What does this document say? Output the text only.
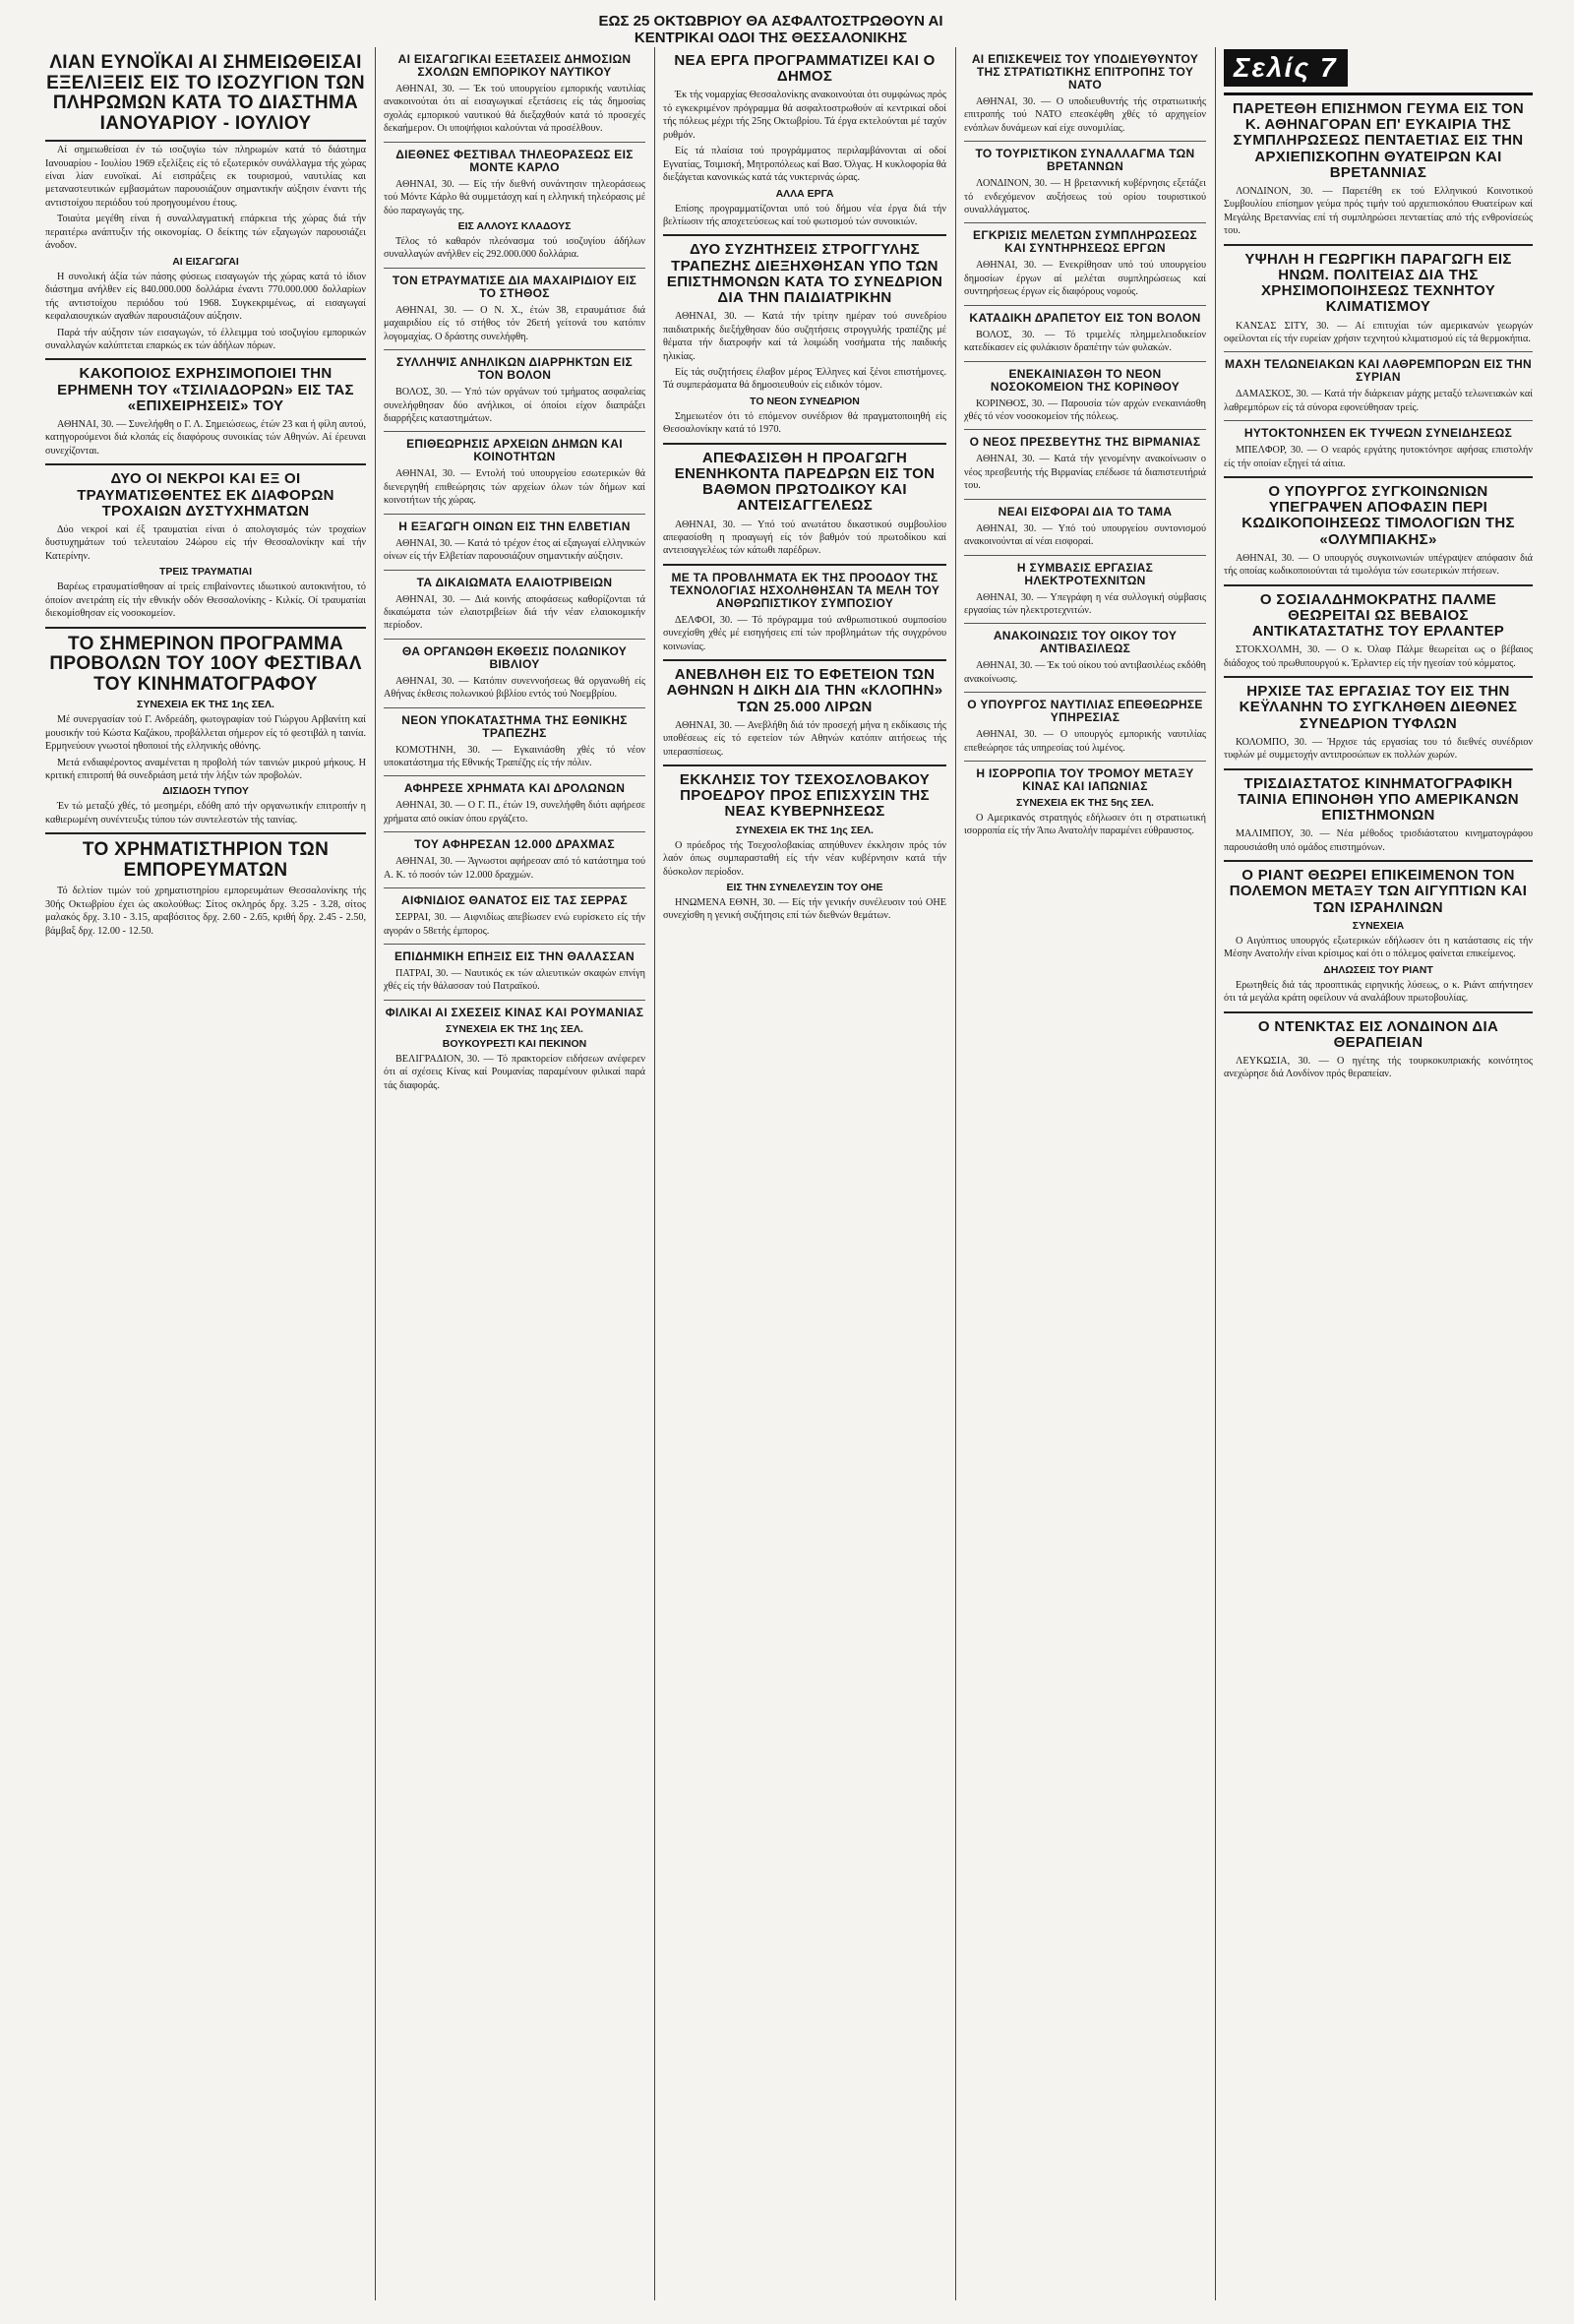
ΕΩΣ 25 ΟΚΤΩΒΡΙΟΥ ΘΑ ΑΣΦΑΛΤΟΣΤΡΩΘΟΥΝ ΑΙ ΚΕΝΤΡΙΚΑΙ ΟΔΟΙ ΤΗΣ ΘΕΣΣΑΛΟΝΙΚΗΣ
ΛΙΑΝ ΕΥΝΟΪΚΑΙ ΑΙ ΣΗΜΕΙΩΘΕΙΣΑΙ ΕΞΕΛΙΞΕΙΣ ΕΙΣ ΤΟ ΙΣΟΖΥΓΙΟΝ ΤΩΝ ΠΛΗΡΩΜΩΝ ΚΑΤΑ ΤΟ ΔΙΑΣΤΗΜΑ ΙΑΝΟΥΑΡΙΟΥ - ΙΟΥΛΙΟΥ

Αί σημειωθείσαι έν τώ ισοζυγίω τών πληρωμών κατά τό διάστημα Ιανουαρίου - Ιουλίου 1969 εξελίξεις είς τό εξωτερικόν συνάλλαγμα τής χώρας είναι λίαν ευνοϊκαί. Αί εισπράξεις εκ τουρισμού, ναυτιλίας και μεταναστευτικών εμβασμάτων παρουσιάζουν σημαντικήν αύξησιν έναντι τής αντιστοίχου περιόδου τού προηγουμένου έτους.

Τοιαύτα μεγέθη είναι ή συναλλαγματική επάρκεια τής χώρας διά τήν περαιτέρω ανάπτυξιν τής οικονομίας. Ο δείκτης τών εξαγωγών παρουσιάζει άνοδον.

ΑΙ ΕΙΣΑΓΩΓΑΙ

Η συνολική άξία τών πάσης φύσεως εισαγωγών τής χώρας κατά τό ίδιον διάστημα ανήλθεν είς 840.000.000 δολλάρια έναντι 770.000.000 δολλαρίων τής αντιστοίχου περιόδου τού 1968. Συγκεκριμένως, αί εισαγωγαί κεφαλαιουχικών αγαθών παρουσιάζουν αύξησιν.

Παρά τήν αύξησιν τών εισαγωγών, τό έλλειμμα τού ισοζυγίου εμπορικών συναλλαγών καλύπτεται επαρκώς εκ τών άδήλων πόρων.

ΚΑΚΟΠΟΙΟΣ ΕΧΡΗΣΙΜΟΠΟΙΕΙ ΤΗΝ ΕΡΗΜΕΝΗ ΤΟΥ «ΤΣΙΛΙΑΔΟΡΩΝ» ΕΙΣ ΤΑΣ «ΕΠΙΧΕΙΡΗΣΕΙΣ» ΤΟΥ

ΑΘΗΝΑΙ, 30. — Συνελήφθη ο Γ. Λ. Σημειώσεως, έτών 23 και ή φίλη αυτού, κατηγορούμενοι διά κλοπάς είς διαφόρους συνοικίας τών Αθηνών. Αί έρευναι συνεχίζονται.

ΔΥΟ ΟΙ ΝΕΚΡΟΙ ΚΑΙ ΕΞ ΟΙ ΤΡΑΥΜΑΤΙΣΘΕΝΤΕΣ ΕΚ ΔΙΑΦΟΡΩΝ ΤΡΟΧΑΙΩΝ ΔΥΣΤΥΧΗΜΑΤΩΝ

Δύο νεκροί καί έξ τραυματίαι είναι ό απολογισμός τών τροχαίων δυστυχημάτων τού τελευταίου 24ώρου είς τήν Θεσσαλονίκην καί τήν Κατερίνην.

ΤΡΕΙΣ ΤΡΑΥΜΑΤΙΑΙ

Βαρέως ετραυματίσθησαν αί τρείς επιβαίνοντες ιδιωτικού αυτοκινήτου, τό όποίον ανετράπη είς τήν εθνικήν οδόν Θεσσαλονίκης - Κιλκίς. Οί τραυματίαι διεκομίσθησαν είς νοσοκομείον.

ΤΟ ΣΗΜΕΡΙΝΟΝ ΠΡΟΓΡΑΜΜΑ ΠΡΟΒΟΛΩΝ ΤΟΥ 10ΟΥ ΦΕΣΤΙΒΑΛ ΤΟΥ ΚΙΝΗΜΑΤΟΓΡΑΦΟΥ
ΣΥΝΕΧΕΙΑ ΕΚ ΤΗΣ 1ης ΣΕΛ.

Μέ συνεργασίαν τού Γ. Ανδρεάδη, φωτογραφίαν τού Γιώργου Αρβανίτη καί μουσικήν τού Κώστα Καζάκου, προβάλλεται σήμερον είς τό φεστιβάλ η ταινία. Ερμηνεύουν γνωστοί ηθοποιοί τής ελληνικής οθόνης.

Μετά ενδιαφέροντος αναμένεται η προβολή τών ταινιών μικρού μήκους. Η κριτική επιτροπή θά συνεδριάση μετά τήν λήξιν τών προβολών.

ΔΙΣΙΔΟΣΗ ΤΥΠΟΥ

Έν τώ μεταξύ χθές, τό μεσημέρι, εδόθη από τήν οργανωτικήν επιτροπήν η καθιερωμένη συνέντευξις τύπου τών συντελεστών τής ταινίας.

ΤΟ ΧΡΗΜΑΤΙΣΤΗΡΙΟΝ ΤΩΝ ΕΜΠΟΡΕΥΜΑΤΩΝ

Τό δελτίον τιμών τού χρηματιστηρίου εμπορευμάτων Θεσσαλονίκης τής 30ής Οκτωβρίου έχει ώς ακολούθως: Σίτος σκληρός δρχ. 3.25 - 3.28, σίτος μαλακός δρχ. 3.10 - 3.15, αραβόσιτος δρχ. 2.60 - 2.65, κριθή δρχ. 2.45 - 2.50, βάμβαξ δρχ. 12.00 - 12.50.

ΑΙ ΕΙΣΑΓΩΓΙΚΑΙ ΕΞΕΤΑΣΕΙΣ ΔΗΜΟΣΙΩΝ ΣΧΟΛΩΝ ΕΜΠΟΡΙΚΟΥ ΝΑΥΤΙΚΟΥ

ΑΘΗΝΑΙ, 30. — Έκ τού υπουργείου εμπορικής ναυτιλίας ανακοινούται ότι αί εισαγωγικαί εξετάσεις είς τάς δημοσίας σχολάς εμπορικού ναυτικού θά διεξαχθούν κατά τό προσεχές δεκαήμερον. Οι υποψήφιοι καλούνται νά προσέλθουν.

ΔΙΕΘΝΕΣ ΦΕΣΤΙΒΑΛ ΤΗΛΕΟΡΑΣΕΩΣ ΕΙΣ ΜΟΝΤΕ ΚΑΡΛΟ

ΑΘΗΝΑΙ, 30. — Είς τήν διεθνή συνάντησιν τηλεοράσεως τού Μόντε Κάρλο θά συμμετάσχη καί η ελληνική τηλεόρασις μέ δύο παραγωγάς της.

ΕΙΣ ΑΛΛΟΥΣ ΚΛΑΔΟΥΣ

Τέλος τό καθαρόν πλεόνασμα τού ισοζυγίου άδήλων συναλλαγών ανήλθεν είς 292.000.000 δολλάρια.

ΤΟΝ ΕΤΡΑΥΜΑΤΙΣΕ ΔΙΑ ΜΑΧΑΙΡΙΔΙΟΥ ΕΙΣ ΤΟ ΣΤΗΘΟΣ

ΑΘΗΝΑΙ, 30. — Ο Ν. Χ., έτών 38, ετραυμάτισε διά μαχαιριδίου είς τό στήθος τόν 26ετή γείτονά του κατόπιν λογομαχίας. Ο δράστης συνελήφθη.

ΣΥΛΛΗΨΙΣ ΑΝΗΛΙΚΩΝ ΔΙΑΡΡΗΚΤΩΝ ΕΙΣ ΤΟΝ ΒΟΛΟΝ

ΒΟΛΟΣ, 30. — Υπό τών οργάνων τού τμήματος ασφαλείας συνελήφθησαν δύο ανήλικοι, οί όποίοι είχον διαπράξει διαρρήξεις καταστημάτων.

ΕΠΙΘΕΩΡΗΣΙΣ ΑΡΧΕΙΩΝ ΔΗΜΩΝ ΚΑΙ ΚΟΙΝΟΤΗΤΩΝ

ΑΘΗΝΑΙ, 30. — Εντολή τού υπουργείου εσωτερικών θά διενεργηθή επιθεώρησις τών αρχείων όλων τών δήμων καί κοινοτήτων τής χώρας.

Η ΕΞΑΓΩΓΗ ΟΙΝΩΝ ΕΙΣ ΤΗΝ ΕΛΒΕΤΙΑΝ

ΑΘΗΝΑΙ, 30. — Κατά τό τρέχον έτος αί εξαγωγαί ελληνικών οίνων είς τήν Ελβετίαν παρουσιάζουν σημαντικήν αύξησιν.

ΤΑ ΔΙΚΑΙΩΜΑΤΑ ΕΛΑΙΟΤΡΙΒΕΙΩΝ

ΑΘΗΝΑΙ, 30. — Διά κοινής αποφάσεως καθορίζονται τά δικαιώματα τών ελαιοτριβείων διά τήν νέαν ελαιοκομικήν περίοδον.

ΘΑ ΟΡΓΑΝΩΘΗ ΕΚΘΕΣΙΣ ΠΟΛΩΝΙΚΟΥ ΒΙΒΛΙΟΥ

ΑΘΗΝΑΙ, 30. — Κατόπιν συνεννοήσεως θά οργανωθή είς Αθήνας έκθεσις πολωνικού βιβλίου εντός τού Νοεμβρίου.

ΝΕΟΝ ΥΠΟΚΑΤΑΣΤΗΜΑ ΤΗΣ ΕΘΝΙΚΗΣ ΤΡΑΠΕΖΗΣ

ΚΟΜΟΤΗΝΗ, 30. — Εγκαινιάσθη χθές τό νέον υποκατάστημα τής Εθνικής Τραπέζης είς τήν πόλιν.

ΑΦΗΡΕΣΕ ΧΡΗΜΑΤΑ ΚΑΙ ΔΡΟΛΩΝΩΝ

ΑΘΗΝΑΙ, 30. — Ο Γ. Π., έτών 19, συνελήφθη διότι αφήρεσε χρήματα από οικίαν όπου εργάζετο.

ΤΟΥ ΑΦΗΡΕΣΑΝ 12.000 ΔΡΑΧΜΑΣ

ΑΘΗΝΑΙ, 30. — Άγνωστοι αφήρεσαν από τό κατάστημα τού Α. Κ. τό ποσόν τών 12.000 δραχμών.

ΑΙΦΝΙΔΙΟΣ ΘΑΝΑΤΟΣ ΕΙΣ ΤΑΣ ΣΕΡΡΑΣ

ΣΕΡΡΑΙ, 30. — Αιφνιδίως απεβίωσεν ενώ ευρίσκετο είς τήν αγοράν ο 58ετής έμπορος.

ΕΠΙΔΗΜΙΚΗ ΕΠΗΞΙΣ ΕΙΣ ΤΗΝ ΘΑΛΑΣΣΑΝ

ΠΑΤΡΑΙ, 30. — Ναυτικός εκ τών αλιευτικών σκαφών επνίγη χθές είς τήν θάλασσαν τού Πατραϊκού.

ΦΙΛΙΚΑΙ ΑΙ ΣΧΕΣΕΙΣ ΚΙΝΑΣ ΚΑΙ ΡΟΥΜΑΝΙΑΣ
ΣΥΝΕΧΕΙΑ ΕΚ ΤΗΣ 1ης ΣΕΛ.
ΒΟΥΚΟΥΡΕΣΤΙ ΚΑΙ ΠΕΚΙΝΟΝ

ΒΕΛΙΓΡΑΔΙΟΝ, 30. — Τό πρακτορείον ειδήσεων ανέφερεν ότι αί σχέσεις Κίνας καί Ρουμανίας παραμένουν φιλικαί παρά τάς διαφοράς.

ΝΕΑ ΕΡΓΑ ΠΡΟΓΡΑΜΜΑΤΙΖΕΙ ΚΑΙ Ο ΔΗΜΟΣ

Έκ τής νομαρχίας Θεσσαλονίκης ανακοινούται ότι συμφώνως πρός τό εγκεκριμένον πρόγραμμα θά ασφαλτοστρωθούν αί κεντρικαί οδοί τής πόλεως μέχρι τής 25ης Οκτωβρίου. Τά έργα εκτελούνται μέ ταχύν ρυθμόν.

Είς τά πλαίσια τού προγράμματος περιλαμβάνονται αί οδοί Εγνατίας, Τσιμισκή, Μητροπόλεως καί Βασ. Όλγας. Η κυκλοφορία θά διεξάγεται κανονικώς κατά τάς νυκτερινάς ώρας.

ΑΛΛΑ ΕΡΓΑ

Επίσης προγραμματίζονται υπό τού δήμου νέα έργα διά τήν βελτίωσιν τής αποχετεύσεως καί τού φωτισμού τών συνοικιών.

ΔΥΟ ΣΥΖΗΤΗΣΕΙΣ ΣΤΡΟΓΓΥΛΗΣ ΤΡΑΠΕΖΗΣ ΔΙΕΞΗΧΘΗΣΑΝ ΥΠΟ ΤΩΝ ΕΠΙΣΤΗΜΟΝΩΝ ΚΑΤΑ ΤΟ ΣΥΝΕΔΡΙΟΝ ΔΙΑ ΤΗΝ ΠΑΙΔΙΑΤΡΙΚΗΝ

ΑΘΗΝΑΙ, 30. — Κατά τήν τρίτην ημέραν τού συνεδρίου παιδιατρικής διεξήχθησαν δύο συζητήσεις στρογγυλής τραπέζης μέ θέματα τήν διατροφήν καί τά λοιμώδη νοσήματα τής παιδικής ηλικίας.

Είς τάς συζητήσεις έλαβον μέρος Έλληνες καί ξένοι επιστήμονες. Τά συμπεράσματα θά δημοσιευθούν είς ειδικόν τόμον.

ΤΟ ΝΕΟΝ ΣΥΝΕΔΡΙΟΝ

Σημειωτέον ότι τό επόμενον συνέδριον θά πραγματοποιηθή είς Θεσσαλονίκην κατά τό 1970.

ΑΠΕΦΑΣΙΣΘΗ Η ΠΡΟΑΓΩΓΗ ΕΝΕΝΗΚΟΝΤΑ ΠΑΡΕΔΡΩΝ ΕΙΣ ΤΟΝ ΒΑΘΜΟΝ ΠΡΩΤΟΔΙΚΟΥ ΚΑΙ ΑΝΤΕΙΣΑΓΓΕΛΕΩΣ

ΑΘΗΝΑΙ, 30. — Υπό τού ανωτάτου δικαστικού συμβουλίου απεφασίσθη η προαγωγή είς τόν βαθμόν τού πρωτοδίκου καί αντεισαγγελέως τών κάτωθι παρέδρων.

ΜΕ ΤΑ ΠΡΟΒΛΗΜΑΤΑ ΕΚ ΤΗΣ ΠΡΟΟΔΟΥ ΤΗΣ ΤΕΧΝΟΛΟΓΙΑΣ ΗΣΧΟΛΗΘΗΣΑΝ ΤΑ ΜΕΛΗ ΤΟΥ ΑΝΘΡΩΠΙΣΤΙΚΟΥ ΣΥΜΠΟΣΙΟΥ

ΔΕΛΦΟΙ, 30. — Τό πρόγραμμα τού ανθρωπιστικού συμποσίου συνεχίσθη χθές μέ εισηγήσεις επί τών προβλημάτων τής συγχρόνου κοινωνίας.

ΑΝΕΒΛΗΘΗ ΕΙΣ ΤΟ ΕΦΕΤΕΙΟΝ ΤΩΝ ΑΘΗΝΩΝ Η ΔΙΚΗ ΔΙΑ ΤΗΝ «ΚΛΟΠΗΝ» ΤΩΝ 25.000 ΛΙΡΩΝ

ΑΘΗΝΑΙ, 30. — Ανεβλήθη διά τόν προσεχή μήνα η εκδίκασις τής υποθέσεως είς τό εφετείον τών Αθηνών κατόπιν αιτήσεως τής υπερασπίσεως.

ΕΚΚΛΗΣΙΣ ΤΟΥ ΤΣΕΧΟΣΛΟΒΑΚΟΥ ΠΡΟΕΔΡΟΥ ΠΡΟΣ ΕΠΙΣΧΥΣΙΝ ΤΗΣ ΝΕΑΣ ΚΥΒΕΡΝΗΣΕΩΣ
ΣΥΝΕΧΕΙΑ ΕΚ ΤΗΣ 1ης ΣΕΛ.

Ο πρόεδρος τής Τσεχοσλοβακίας απηύθυνεν έκκλησιν πρός τόν λαόν όπως συμπαρασταθή είς τήν νέαν κυβέρνησιν κατά τήν δύσκολον περίοδον.

ΕΙΣ ΤΗΝ ΣΥΝΕΛΕΥΣΙΝ ΤΟΥ ΟΗΕ

ΗΝΩΜΕΝΑ ΕΘΝΗ, 30. — Είς τήν γενικήν συνέλευσιν τού ΟΗΕ συνεχίσθη η γενική συζήτησις επί τών διεθνών θεμάτων.

ΑΙ ΕΠΙΣΚΕΨΕΙΣ ΤΟΥ ΥΠΟΔΙΕΥΘΥΝΤΟΥ ΤΗΣ ΣΤΡΑΤΙΩΤΙΚΗΣ ΕΠΙΤΡΟΠΗΣ ΤΟΥ ΝΑΤΟ

ΑΘΗΝΑΙ, 30. — Ο υποδιευθυντής τής στρατιωτικής επιτροπής τού ΝΑΤΟ επεσκέφθη χθές τό αρχηγείον ενόπλων δυνάμεων καί είχε συνομιλίας.

ΤΟ ΤΟΥΡΙΣΤΙΚΟΝ ΣΥΝΑΛΛΑΓΜΑ ΤΩΝ ΒΡΕΤΑΝΝΩΝ

ΛΟΝΔΙΝΟΝ, 30. — Η βρεταννική κυβέρνησις εξετάζει τό ενδεχόμενον αυξήσεως τού ορίου τουριστικού συναλλάγματος.

ΕΓΚΡΙΣΙΣ ΜΕΛΕΤΩΝ ΣΥΜΠΛΗΡΩΣΕΩΣ ΚΑΙ ΣΥΝΤΗΡΗΣΕΩΣ ΕΡΓΩΝ

ΑΘΗΝΑΙ, 30. — Ενεκρίθησαν υπό τού υπουργείου δημοσίων έργων αί μελέται συμπληρώσεως καί συντηρήσεως έργων είς διαφόρους νομούς.

ΚΑΤΑΔΙΚΗ ΔΡΑΠΕΤΟΥ ΕΙΣ ΤΟΝ ΒΟΛΟΝ

ΒΟΛΟΣ, 30. — Τό τριμελές πλημμελειοδικείον κατεδίκασεν είς φυλάκισιν δραπέτην τών φυλακών.

ΕΝΕΚΑΙΝΙΑΣΘΗ ΤΟ ΝΕΟΝ ΝΟΣΟΚΟΜΕΙΟΝ ΤΗΣ ΚΟΡΙΝΘΟΥ

ΚΟΡΙΝΘΟΣ, 30. — Παρουσία τών αρχών ενεκαινιάσθη χθές τό νέον νοσοκομείον τής πόλεως.

Ο ΝΕΟΣ ΠΡΕΣΒΕΥΤΗΣ ΤΗΣ ΒΙΡΜΑΝΙΑΣ

ΑΘΗΝΑΙ, 30. — Κατά τήν γενομένην ανακοίνωσιν ο νέος πρεσβευτής τής Βιρμανίας επέδωσε τά διαπιστευτήριά του.

ΝΕΑΙ ΕΙΣΦΟΡΑΙ ΔΙΑ ΤΟ ΤΑΜΑ

ΑΘΗΝΑΙ, 30. — Υπό τού υπουργείου συντονισμού ανακοινούνται αί νέαι εισφοραί.

Η ΣΥΜΒΑΣΙΣ ΕΡΓΑΣΙΑΣ ΗΛΕΚΤΡΟΤΕΧΝΙΤΩΝ

ΑΘΗΝΑΙ, 30. — Υπεγράφη η νέα συλλογική σύμβασις εργασίας τών ηλεκτροτεχνιτών.

ΑΝΑΚΟΙΝΩΣΙΣ ΤΟΥ ΟΙΚΟΥ ΤΟΥ ΑΝΤΙΒΑΣΙΛΕΩΣ

ΑΘΗΝΑΙ, 30. — Έκ τού οίκου τού αντιβασιλέως εκδόθη ανακοίνωσις.

Ο ΥΠΟΥΡΓΟΣ ΝΑΥΤΙΛΙΑΣ ΕΠΕΘΕΩΡΗΣΕ ΥΠΗΡΕΣΙΑΣ

ΑΘΗΝΑΙ, 30. — Ο υπουργός εμπορικής ναυτιλίας επεθεώρησε τάς υπηρεσίας τού λιμένος.

Η ΙΣΟΡΡΟΠΙΑ ΤΟΥ ΤΡΟΜΟΥ ΜΕΤΑΞΥ ΚΙΝΑΣ ΚΑΙ ΙΑΠΩΝΙΑΣ
ΣΥΝΕΧΕΙΑ ΕΚ ΤΗΣ 5ης ΣΕΛ.

Ο Αμερικανός στρατηγός εδήλωσεν ότι η στρατιωτική ισορροπία είς τήν Άπω Ανατολήν παραμένει εύθραυστος.

Σελίς 7
ΠΑΡΕΤΕΘΗ ΕΠΙΣΗΜΟΝ ΓΕΥΜΑ ΕΙΣ ΤΟΝ Κ. ΑΘΗΝΑΓΟΡΑΝ ΕΠ' ΕΥΚΑΙΡΙΑ ΤΗΣ ΣΥΜΠΛΗΡΩΣΕΩΣ ΠΕΝΤΑΕΤΙΑΣ ΕΙΣ ΤΗΝ ΑΡΧΙΕΠΙΣΚΟΠΗΝ ΘΥΑΤΕΙΡΩΝ ΚΑΙ ΒΡΕΤΑΝΝΙΑΣ

ΛΟΝΔΙΝΟΝ, 30. — Παρετέθη εκ τού Ελληνικού Κοινοτικού Συμβουλίου επίσημον γεύμα πρός τιμήν τού αρχιεπισκόπου Θυατείρων καί Μεγάλης Βρεταννίας επί τή συμπληρώσει πενταετίας από τής ενθρονίσεώς του.

ΥΨΗΛΗ Η ΓΕΩΡΓΙΚΗ ΠΑΡΑΓΩΓΗ ΕΙΣ ΗΝΩΜ. ΠΟΛΙΤΕΙΑΣ ΔΙΑ ΤΗΣ ΧΡΗΣΙΜΟΠΟΙΗΣΕΩΣ ΤΕΧΝΗΤΟΥ ΚΛΙΜΑΤΙΣΜΟΥ

ΚΑΝΣΑΣ ΣΙΤΥ, 30. — Αί επιτυχίαι τών αμερικανών γεωργών οφείλονται είς τήν ευρείαν χρήσιν τεχνητού κλιματισμού είς τά θερμοκήπια.

ΜΑΧΗ ΤΕΛΩΝΕΙΑΚΩΝ ΚΑΙ ΛΑΘΡΕΜΠΟΡΩΝ ΕΙΣ ΤΗΝ ΣΥΡΙΑΝ

ΔΑΜΑΣΚΟΣ, 30. — Κατά τήν διάρκειαν μάχης μεταξύ τελωνειακών καί λαθρεμπόρων είς τά σύνορα εφονεύθησαν τρείς.

ΗΥΤΟΚΤΟΝΗΣΕΝ ΕΚ ΤΥΨΕΩΝ ΣΥΝΕΙΔΗΣΕΩΣ

ΜΠΕΛΦΟΡ, 30. — Ο νεαρός εργάτης ηυτοκτόνησε αφήσας επιστολήν είς τήν οποίαν εξηγεί τά αίτια.

Ο ΥΠΟΥΡΓΟΣ ΣΥΓΚΟΙΝΩΝΙΩΝ ΥΠΕΓΡΑΨΕΝ ΑΠΟΦΑΣΙΝ ΠΕΡΙ ΚΩΔΙΚΟΠΟΙΗΣΕΩΣ ΤΙΜΟΛΟΓΙΩΝ ΤΗΣ «ΟΛΥΜΠΙΑΚΗΣ»

ΑΘΗΝΑΙ, 30. — Ο υπουργός συγκοινωνιών υπέγραψεν απόφασιν διά τής οποίας κωδικοποιούνται τά τιμολόγια τών εσωτερικών πτήσεων.

Ο ΣΟΣΙΑΛΔΗΜΟΚΡΑΤΗΣ ΠΑΛΜΕ ΘΕΩΡΕΙΤΑΙ ΩΣ ΒΕΒΑΙΟΣ ΑΝΤΙΚΑΤΑΣΤΑΤΗΣ ΤΟΥ ΕΡΛΑΝΤΕΡ

ΣΤΟΚΧΟΛΜΗ, 30. — Ο κ. Όλαφ Πάλμε θεωρείται ως ο βέβαιος διάδοχος τού πρωθυπουργού κ. Έρλαντερ είς τήν ηγεσίαν τού κόμματος.

ΗΡΧΙΣΕ ΤΑΣ ΕΡΓΑΣΙΑΣ ΤΟΥ ΕΙΣ ΤΗΝ ΚΕΫΛΑΝΗΝ ΤΟ ΣΥΓΚΛΗΘΕΝ ΔΙΕΘΝΕΣ ΣΥΝΕΔΡΙΟΝ ΤΥΦΛΩΝ

ΚΟΛΟΜΠΟ, 30. — Ήρχισε τάς εργασίας του τό διεθνές συνέδριον τυφλών μέ συμμετοχήν αντιπροσώπων εκ πολλών χωρών.

ΤΡΙΣΔΙΑΣΤΑΤΟΣ ΚΙΝΗΜΑΤΟΓΡΑΦΙΚΗ ΤΑΙΝΙΑ ΕΠΙΝΟΗΘΗ ΥΠΟ ΑΜΕΡΙΚΑΝΩΝ ΕΠΙΣΤΗΜΟΝΩΝ

ΜΑΛΙΜΠΟΥ, 30. — Νέα μέθοδος τρισδιάστατου κινηματογράφου παρουσιάσθη υπό ομάδος επιστημόνων.

Ο ΡΙΑΝΤ ΘΕΩΡΕΙ ΕΠΙΚΕΙΜΕΝΟΝ ΤΟΝ ΠΟΛΕΜΟΝ ΜΕΤΑΞΥ ΤΩΝ ΑΙΓΥΠΤΙΩΝ ΚΑΙ ΤΩΝ ΙΣΡΑΗΛΙΝΩΝ
ΣΥΝΕΧΕΙΑ

Ο Αιγύπτιος υπουργός εξωτερικών εδήλωσεν ότι η κατάστασις είς τήν Μέσην Ανατολήν είναι κρίσιμος καί ότι ο πόλεμος φαίνεται επικείμενος.

ΔΗΛΩΣΕΙΣ ΤΟΥ ΡΙΑΝΤ

Ερωτηθείς διά τάς προοπτικάς ειρηνικής λύσεως, ο κ. Ριάντ απήντησεν ότι τά μεγάλα κράτη οφείλουν νά αναλάβουν πρωτοβουλίας.

Ο ΝΤΕΝΚΤΑΣ ΕΙΣ ΛΟΝΔΙΝΟΝ ΔΙΑ ΘΕΡΑΠΕΙΑΝ

ΛΕΥΚΩΣΙΑ, 30. — Ο ηγέτης τής τουρκοκυπριακής κοινότητος ανεχώρησε διά Λονδίνον πρός θεραπείαν.
